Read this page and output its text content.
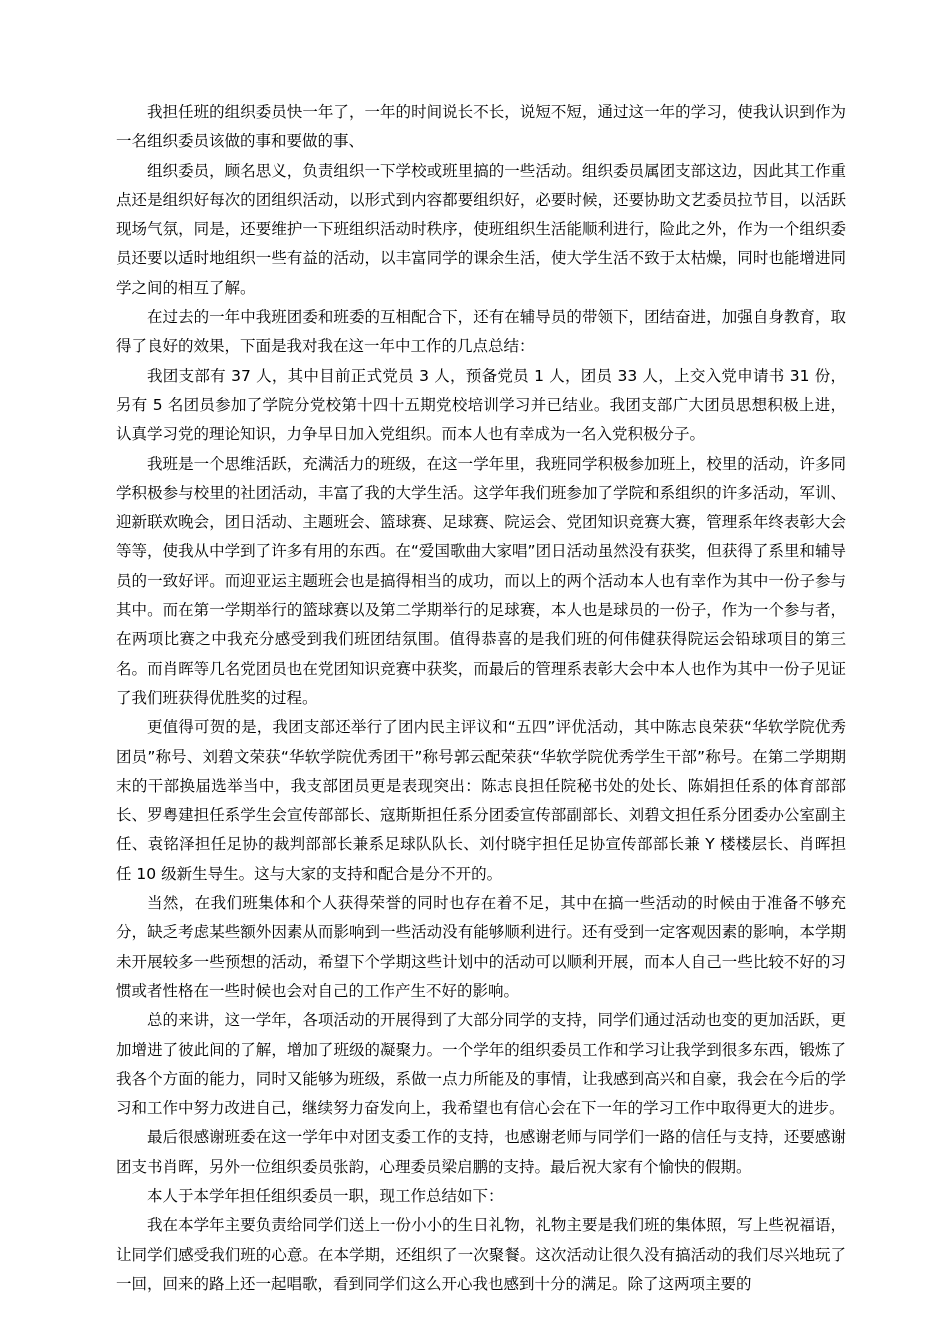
我担任班的组织委员快一年了，一年的时间说长不长，说短不短，通过这一年的学习，使我认识到作为一名组织委员该做的事和要做的事、

组织委员，顾名思义，负责组织一下学校或班里搞的一些活动。组织委员属团支部这边，因此其工作重点还是组织好每次的团组织活动，以形式到内容都要组织好，必要时候，还要协助文艺委员拉节目，以活跃现场气氛，同是，还要维护一下班组织活动时秩序，使班组织生活能顺利进行，险此之外，作为一个组织委员还要以适时地组织一些有益的活动，以丰富同学的课余生活，使大学生活不致于太枯燥，同时也能增进同学之间的相互了解。

在过去的一年中我班团委和班委的互相配合下，还有在辅导员的带领下，团结奋进，加强自身教育，取得了良好的效果，下面是我对我在这一年中工作的几点总结：

我团支部有 37 人，其中目前正式党员 3 人，预备党员 1 人，团员 33 人，上交入党申请书 31 份，另有 5 名团员参加了学院分党校第十四十五期党校培训学习并已结业。我团支部广大团员思想积极上进，认真学习党的理论知识，力争早日加入党组织。而本人也有幸成为一名入党积极分子。

我班是一个思维活跃，充满活力的班级，在这一学年里，我班同学积极参加班上，校里的活动，许多同学积极参与校里的社团活动，丰富了我的大学生活。这学年我们班参加了学院和系组织的许多活动，军训、迎新联欢晚会，团日活动、主题班会、篮球赛、足球赛、院运会、党团知识竞赛大赛，管理系年终表彰大会等等，使我从中学到了许多有用的东西。在“爱国歌曲大家唱”团日活动虽然没有获奖，但获得了系里和辅导员的一致好评。而迎亚运主题班会也是搞得相当的成功，而以上的两个活动本人也有幸作为其中一份子参与其中。而在第一学期举行的篮球赛以及第二学期举行的足球赛，本人也是球员的一份子，作为一个参与者，在两项比赛之中我充分感受到我们班团结氛围。值得恭喜的是我们班的何伟健获得院运会铅球项目的第三名。而肖晖等几名党团员也在党团知识竞赛中获奖，而最后的管理系表彰大会中本人也作为其中一份子见证了我们班获得优胜奖的过程。

更值得可贺的是，我团支部还举行了团内民主评议和“五四”评优活动，其中陈志良荣获“华软学院优秀团员”称号、刘碧文荣获“华软学院优秀团干”称号郭云配荣获“华软学院优秀学生干部”称号。在第二学期期末的干部换届选举当中，我支部团员更是表现突出：陈志良担任院秘书处的处长、陈娟担任系的体育部部长、罗粤建担任系学生会宣传部部长、寇斯斯担任系分团委宣传部副部长、刘碧文担任系分团委办公室副主任、袁铭泽担任足协的裁判部部长兼系足球队队长、刘付晓宇担任足协宣传部部长兼 Y 楼楼层长、肖晖担任 10 级新生导生。这与大家的支持和配合是分不开的。

当然，在我们班集体和个人获得荣誉的同时也存在着不足，其中在搞一些活动的时候由于准备不够充分，缺乏考虑某些额外因素从而影响到一些活动没有能够顺利进行。还有受到一定客观因素的影响，本学期未开展较多一些预想的活动，希望下个学期这些计划中的活动可以顺利开展，而本人自己一些比较不好的习惯或者性格在一些时候也会对自己的工作产生不好的影响。

总的来讲，这一学年，各项活动的开展得到了大部分同学的支持，同学们通过活动也变的更加活跃，更加增进了彼此间的了解，增加了班级的凝聚力。一个学年的组织委员工作和学习让我学到很多东西，锻炼了我各个方面的能力，同时又能够为班级，系做一点力所能及的事情，让我感到高兴和自豪，我会在今后的学习和工作中努力改进自己，继续努力奋发向上，我希望也有信心会在下一年的学习工作中取得更大的进步。

最后很感谢班委在这一学年中对团支委工作的支持，也感谢老师与同学们一路的信任与支持，还要感谢团支书肖晖，另外一位组织委员张韵，心理委员梁启鹏的支持。最后祝大家有个愉快的假期。

本人于本学年担任组织委员一职，现工作总结如下：

我在本学年主要负责给同学们送上一份小小的生日礼物，礼物主要是我们班的集体照，写上些祝福语，让同学们感受我们班的心意。在本学期，还组织了一次聚餐。这次活动让很久没有搞活动的我们尽兴地玩了一回，回来的路上还一起唱歌，看到同学们这么开心我也感到十分的满足。除了这两项主要的
